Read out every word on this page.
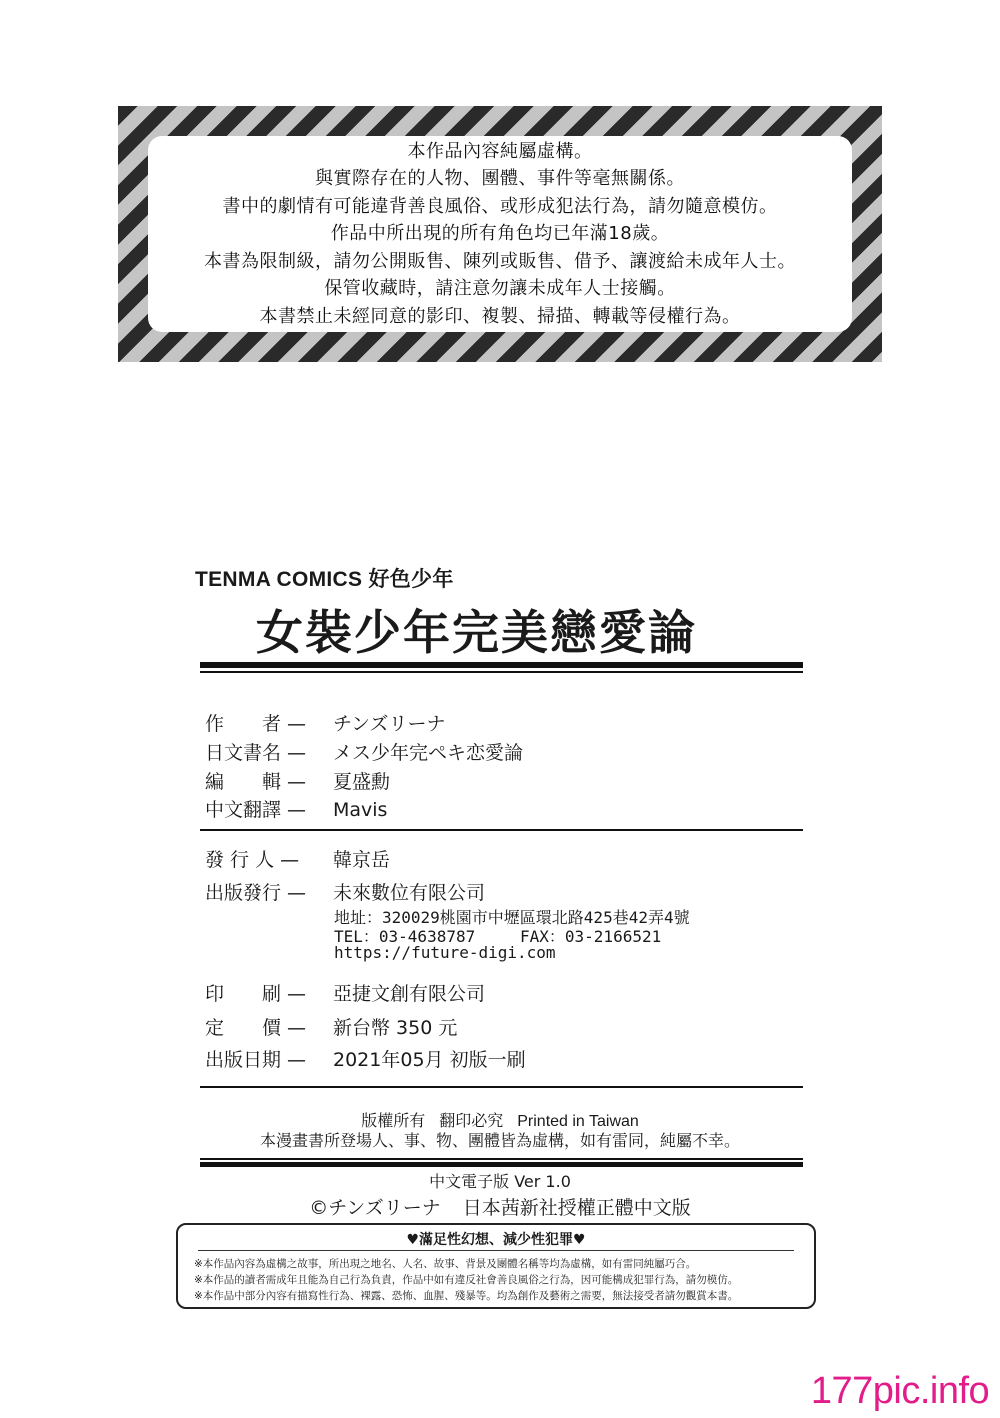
本作品內容純屬虛構。
與實際存在的人物、團體、事件等毫無關係。
書中的劇情有可能違背善良風俗、或形成犯法行為，請勿隨意模仿。
作品中所出現的所有角色均已年滿18歲。
本書為限制級，請勿公開販售、陳列或販售、借予、讓渡給未成年人士。
保管收藏時，請注意勿讓未成年人士接觸。
本書禁止未經同意的影印、複製、掃描、轉載等侵權行為。
TENMA COMICS 好色少年
女裝少年完美戀愛論
作　　者 — チンズリーナ
日文書名 — メス少年完ペキ恋愛論
編　　輯 — 夏盛勳
中文翻譯 — Mavis
發 行 人 — 韓京岳
出版發行 — 未來數位有限公司
地址：320029桃園市中壢區環北路425巷42弄4號
TEL：03-4638787	FAX：03-2166521
https://future-digi.com
印　　刷 — 亞捷文創有限公司
定　　價 — 新台幣 350 元
出版日期 — 2021年05月 初版一刷
版權所有 翻印必究 Printed in Taiwan
本漫畫書所登場人、事、物、團體皆為虛構，如有雷同，純屬不幸。
中文電子版 Ver 1.0
©チンズリーナ 日本茜新社授權正體中文版
♥滿足性幻想、減少性犯罪♥
※本作品內容為虛構之故事，所出現之地名、人名、故事、背景及團體名稱等均為虛構，如有雷同純屬巧合。
※本作品的讀者需成年且能為自己行為負責，作品中如有違反社會善良風俗之行為，因可能構成犯罪行為，請勿模仿。
※本作品中部分內容有描寫性行為、裸露、恐怖、血腥、殘暴等。均為創作及藝術之需要，無法接受者請勿觀賞本書。
177pic.info
